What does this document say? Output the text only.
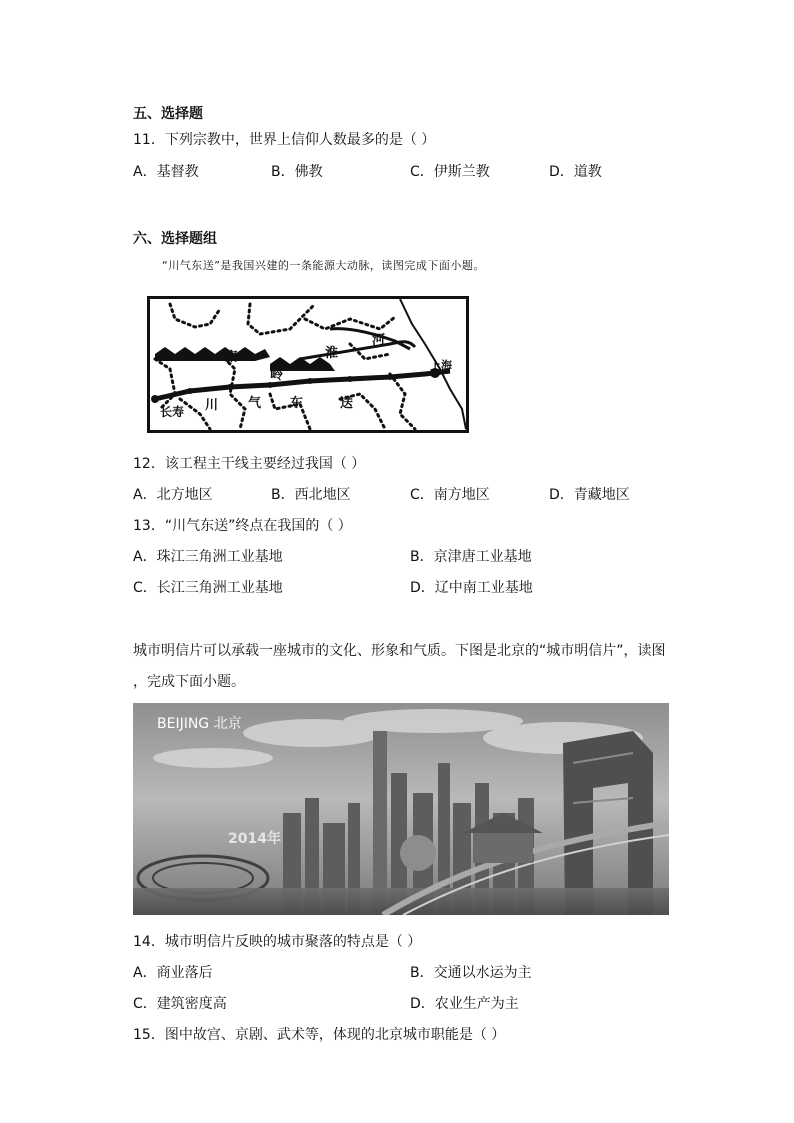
五、选择题
11．下列宗教中，世界上信仰人数最多的是（ ）
A．基督教	B．佛教	C．伊斯兰教	D．道教
六、选择题组
“川气东送”是我国兴建的一条能源大动脉，读图完成下面小题。
河
淮
秦
岭
上海
长寿 川 气 东	送
12．该工程主干线主要经过我国（ ）
A．北方地区	B．西北地区	C．南方地区	D．青藏地区
13．“川气东送”终点在我国的（ ）
A．珠江三角洲工业基地	B．京津唐工业基地
C．长江三角洲工业基地	D．辽中南工业基地
城市明信片可以承载一座城市的文化、形象和气质。下图是北京的“城市明信片”，读图
，完成下面小题。
BEIJING 北京
2014年
14．城市明信片反映的城市聚落的特点是（ ）
A．商业落后	B．交通以水运为主
C．建筑密度高	D．农业生产为主
15．图中故宫、京剧、武术等，体现的北京城市职能是（ ）
